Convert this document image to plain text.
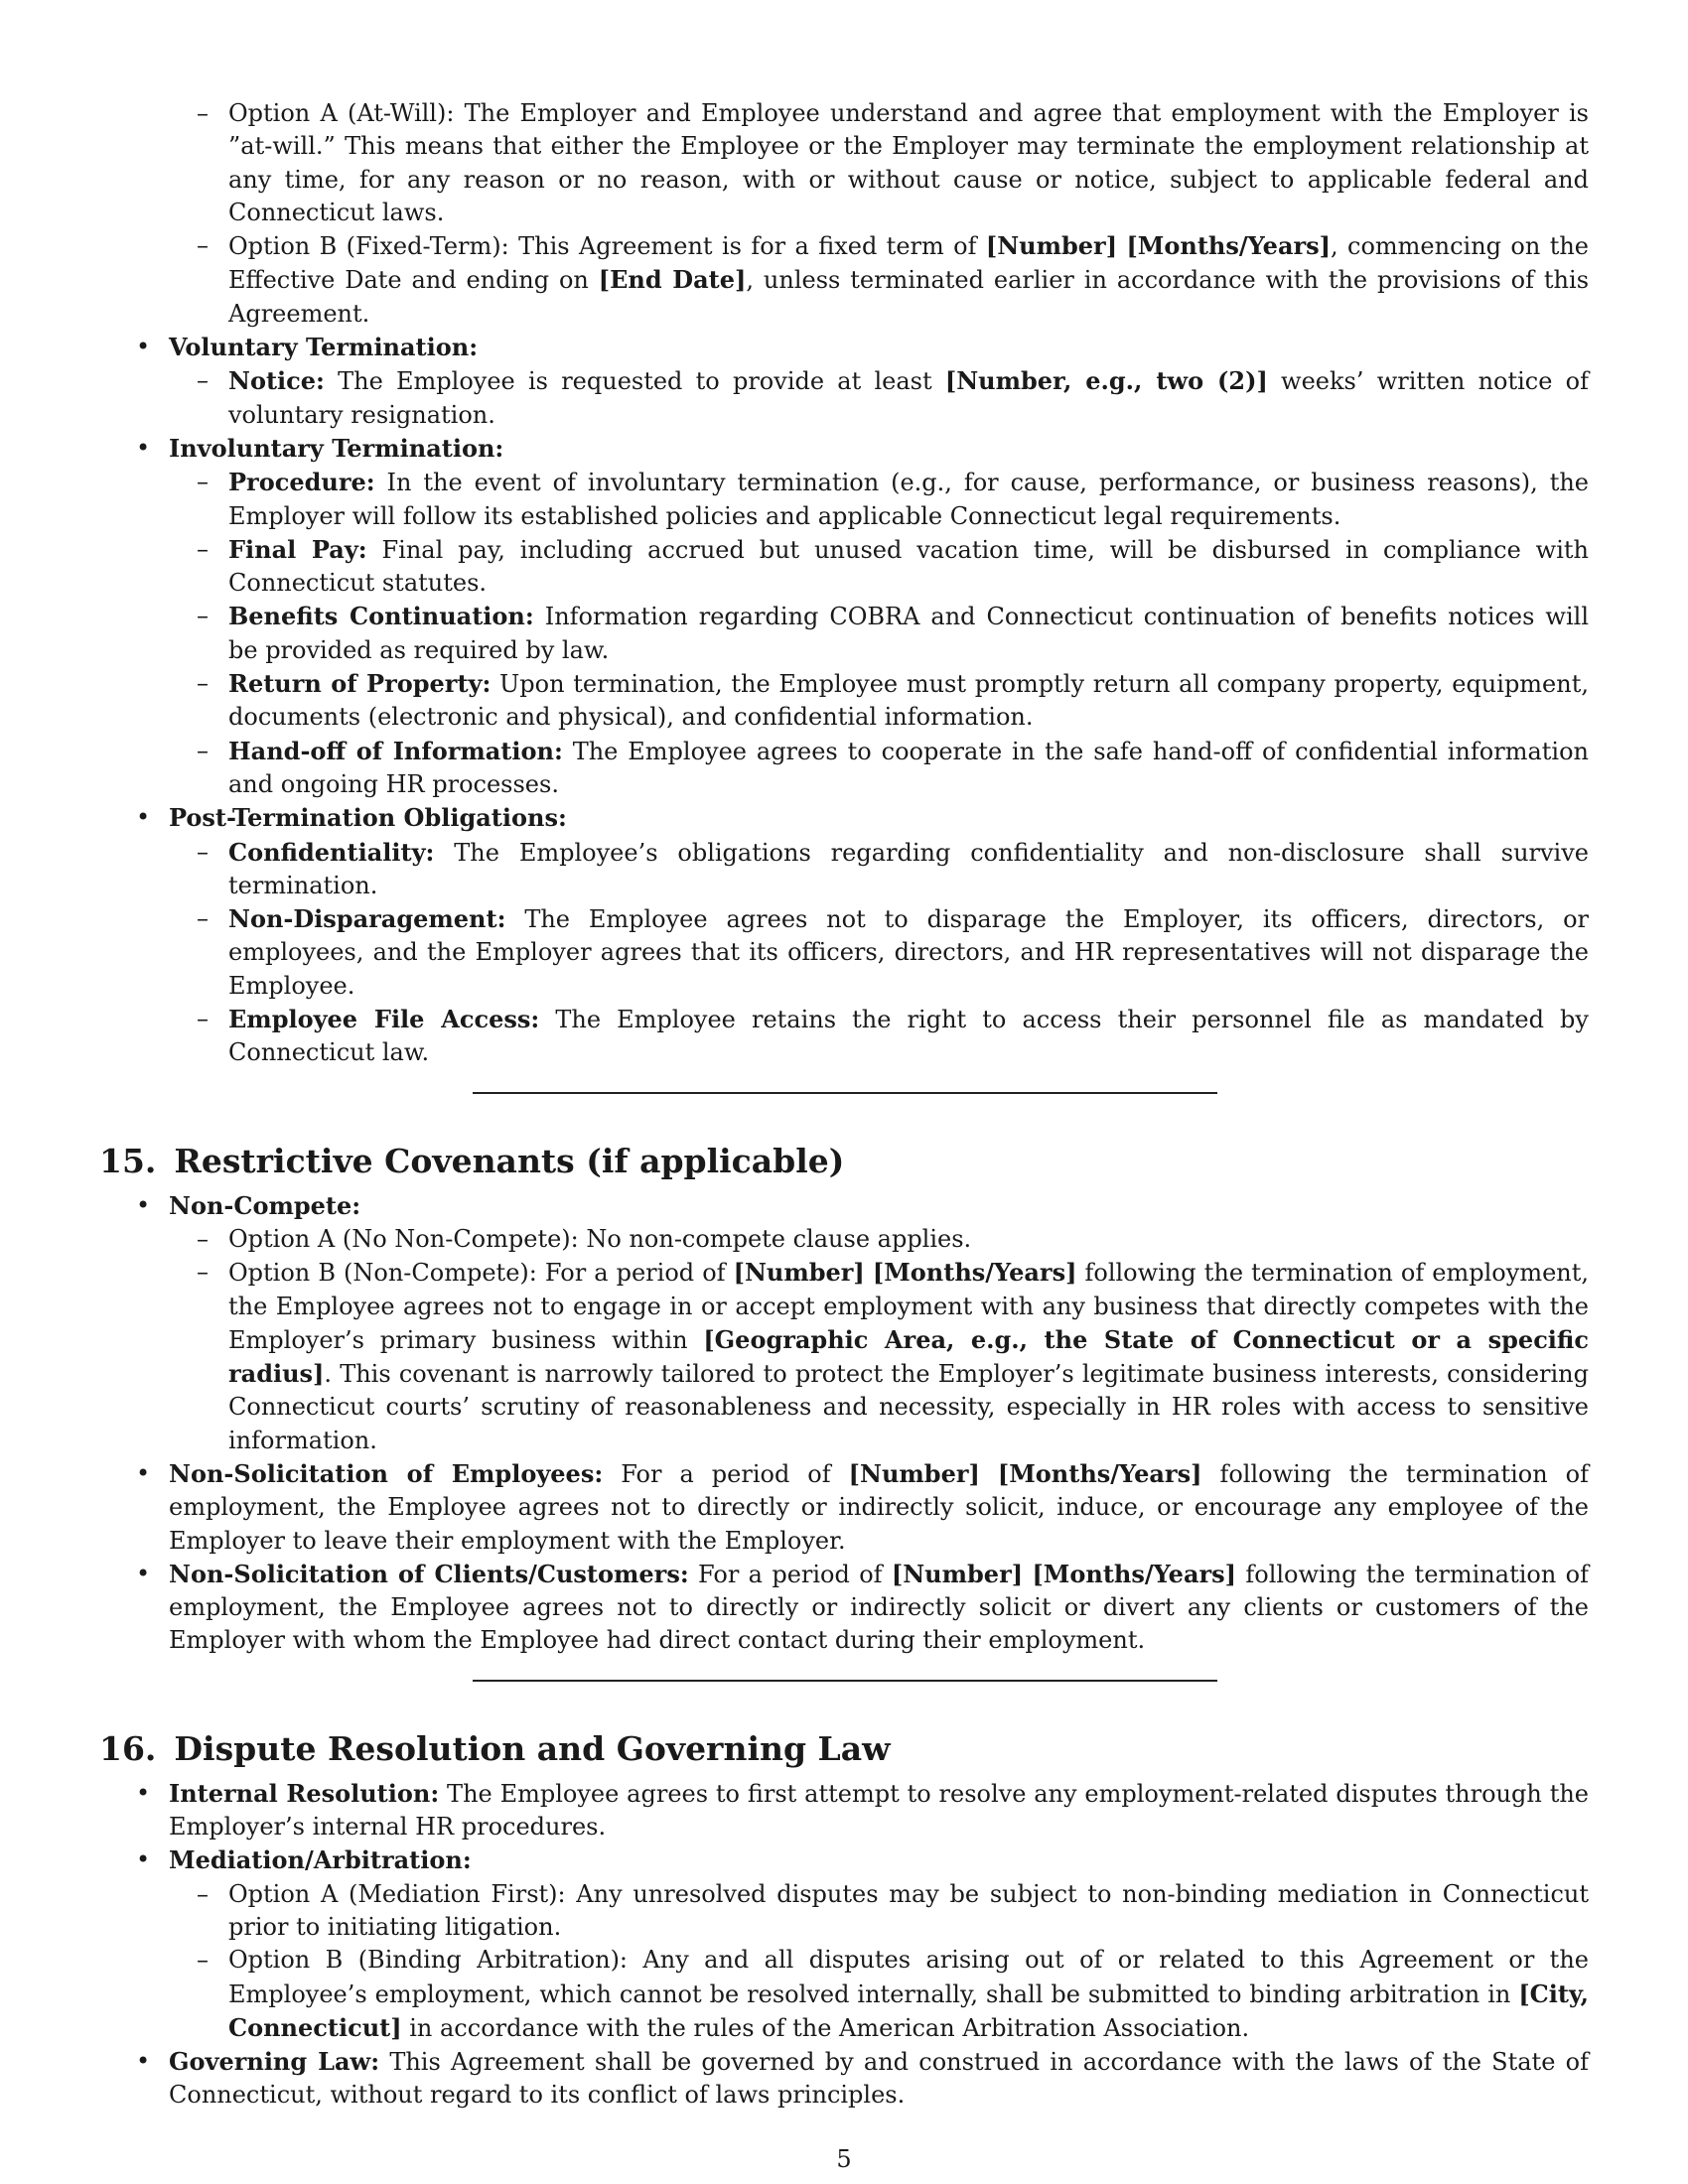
– Option A (At-Will): The Employer and Employee understand and agree that employment with the Employer is ”at-will.” This means that either the Employee or the Employer may terminate the employment relationship at any time, for any reason or no reason, with or without cause or notice, subject to applicable federal and Connecticut laws.
– Option B (Fixed-Term): This Agreement is for a fixed term of [Number] [Months/Years], commencing on the Effective Date and ending on [End Date], unless terminated earlier in accordance with the provisions of this Agreement.
• Voluntary Termination:
– Notice: The Employee is requested to provide at least [Number, e.g., two (2)] weeks’ written notice of voluntary resignation.
• Involuntary Termination:
– Procedure: In the event of involuntary termination (e.g., for cause, performance, or business reasons), the Employer will follow its established policies and applicable Connecticut legal requirements.
– Final Pay: Final pay, including accrued but unused vacation time, will be disbursed in compliance with Connecticut statutes.
– Benefits Continuation: Information regarding COBRA and Connecticut continuation of benefits notices will be provided as required by law.
– Return of Property: Upon termination, the Employee must promptly return all company property, equipment, documents (electronic and physical), and confidential information.
– Hand-off of Information: The Employee agrees to cooperate in the safe hand-off of confidential information and ongoing HR processes.
• Post-Termination Obligations:
– Confidentiality: The Employee’s obligations regarding confidentiality and non-disclosure shall survive termination.
– Non-Disparagement: The Employee agrees not to disparage the Employer, its officers, directors, or employees, and the Employer agrees that its officers, directors, and HR representatives will not disparage the Employee.
– Employee File Access: The Employee retains the right to access their personnel file as mandated by Connecticut law.
15. Restrictive Covenants (if applicable)
• Non-Compete:
– Option A (No Non-Compete): No non-compete clause applies.
– Option B (Non-Compete): For a period of [Number] [Months/Years] following the termination of employment, the Employee agrees not to engage in or accept employment with any business that directly competes with the Employer’s primary business within [Geographic Area, e.g., the State of Connecticut or a specific radius]. This covenant is narrowly tailored to protect the Employer’s legitimate business interests, considering Connecticut courts’ scrutiny of reasonableness and necessity, especially in HR roles with access to sensitive information.
• Non-Solicitation of Employees: For a period of [Number] [Months/Years] following the termination of employment, the Employee agrees not to directly or indirectly solicit, induce, or encourage any employee of the Employer to leave their employment with the Employer.
• Non-Solicitation of Clients/Customers: For a period of [Number] [Months/Years] following the termination of employment, the Employee agrees not to directly or indirectly solicit or divert any clients or customers of the Employer with whom the Employee had direct contact during their employment.
16. Dispute Resolution and Governing Law
• Internal Resolution: The Employee agrees to first attempt to resolve any employment-related disputes through the Employer’s internal HR procedures.
• Mediation/Arbitration:
– Option A (Mediation First): Any unresolved disputes may be subject to non-binding mediation in Connecticut prior to initiating litigation.
– Option B (Binding Arbitration): Any and all disputes arising out of or related to this Agreement or the Employee’s employment, which cannot be resolved internally, shall be submitted to binding arbitration in [City, Connecticut] in accordance with the rules of the American Arbitration Association.
• Governing Law: This Agreement shall be governed by and construed in accordance with the laws of the State of Connecticut, without regard to its conflict of laws principles.
5
